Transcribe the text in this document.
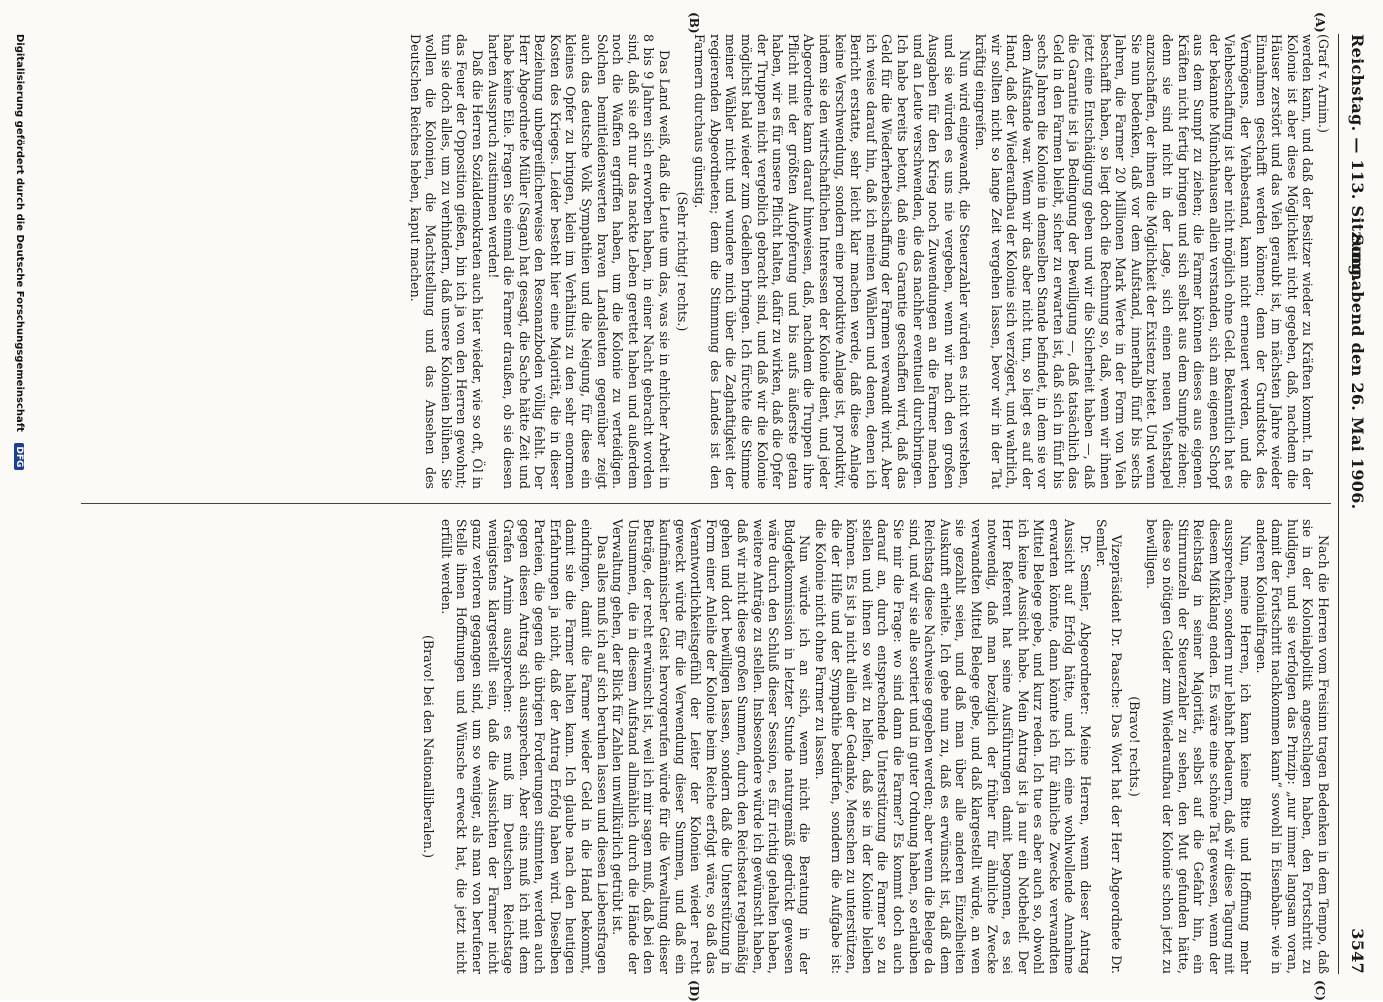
Reichstag. — 113. Sitzung.
Sonnabend den 26. Mai 1906.
3547
(A)
(B)
(C)
(D)

(Graf v. Arnim.)

werden kann, und daß der Besitzer wieder zu Kräften kommt. In der Kolonie ist aber diese Möglichkeit nicht gegeben, daß, nachdem die Häuser zerstört und das Vieh geraubt ist, im nächsten Jahre wieder Einnahmen geschafft werden können; denn der Grundstock des Vermögens, der Viehbestand, kann nicht erneuert werden, und die Viehbeschaffung ist aber nicht möglich ohne Geld. Bekanntlich hat es der bekannte Münchhausen allein verstanden, sich am eigenen Schopf aus dem Sumpf zu ziehen; die Farmer können dieses aus eigenen Kräften nicht fertig bringen und sich selbst aus dem Sumpfe ziehen; denn sie sind nicht in der Lage, sich einen neuen Viehstapel anzuschaffen, der ihnen die Möglichkeit der Existenz bietet. Und wenn Sie nun bedenken, daß vor dem Aufstand, innerhalb fünf bis sechs Jahren, die Farmer 20 Millionen Mark Werte in der Form von Vieh beschafft haben, so liegt doch die Rechnung so, daß, wenn wir ihnen jetzt eine Entschädigung geben und wir die Sicherheit haben —, daß die Garantie ist ja Bedingung der Bewilligung —, daß tatsächlich das Geld in den Farmen bleibt, sicher zu erwarten ist, daß sich in fünf bis sechs Jahren die Kolonie in demselben Stande befindet, in dem sie vor dem Aufstande war. Wenn wir das aber nicht tun, so liegt es auf der Hand, daß der Wiederaufbau der Kolonie sich verzögert, und wahrlich, wir sollten nicht so lange Zeit vergehen lassen, bevor wir in der Tat kräftig eingreifen.

Nun wird eingewandt, die Steuerzahler würden es nicht verstehen, und sie würden es uns nie vergeben, wenn wir nach den großen Ausgaben für den Krieg noch Zuwendungen an die Farmer machen und an Leute verschwenden, die das nachher eventuell durchbringen. Ich habe bereits betont, daß eine Garantie geschaffen wird, daß das Geld für die Wiederherbeischaffung der Farmen verwandt wird. Aber ich weise darauf hin, daß ich meinen Wählern und denen, denen ich Bericht erstatte, sehr leicht klar machen werde, daß diese Anlage keine Verschwendung, sondern eine produktive Anlage ist, produktiv, indem sie den wirtschaftlichen Interessen der Kolonie dient, und jeder Abgeordnete kann darauf hinweisen, daß, nachdem die Truppen ihre Pflicht mit der größten Aufopferung und bis aufs äußerste getan haben, wir es für unsere Pflicht halten, dafür zu wirken, daß die Opfer der Truppen nicht vergeblich gebracht sind, und daß wir die Kolonie möglichst bald wieder zum Gedeihen bringen. Ich fürchte die Stimme meiner Wähler nicht und wundere mich über die Zaghaftigkeit der regierenden Abgeordneten; denn die Stimmung des Landes ist den Farmern durchaus günstig.

(Sehr richtig! rechts.)

Das Land weiß, daß die Leute um das, was sie in ehrlicher Arbeit in 8 bis 9 Jahren sich erworben haben, in einer Nacht gebracht worden sind, daß sie oft nur das nackte Leben gerettet haben und außerdem noch die Waffen ergriffen haben, um die Kolonie zu verteidigen. Solchen bemitleidenswerten braven Landsleuten gegenüber zeigt auch das deutsche Volk Sympathien und die Neigung, für diese ein kleines Opfer zu bringen, klein im Verhältnis zu den sehr enormen Kosten des Krieges. Leider besteht hier eine Majorität, die in dieser Beziehung unbegreiflicherweise den Resonanzboden völlig fehlt. Der Herr Abgeordnete Müller (Sagan) hat gesagt, die Sache hätte Zeit und habe keine Eile. Fragen Sie einmal die Farmer draußen, ob sie diesen harten Ausspruch zustimmen werden!

Daß die Herren Sozialdemokraten auch hier wieder, wie so oft, Öl in das Feuer der Opposition gießen, bin ich ja von den Herren gewohnt; tun sie doch alles, um zu verhindern, daß unsere Kolonien blühen. Sie wollen die Kolonien, die Machtstellung und das Ansehen des Deutschen Reiches heben, kaput machen.

Nach die Herren vom Freisinn tragen Bedenken in dem Tempo, daß sie in der Kolonialpolitik angeschlagen haben, den Fortschritt zu huldigen, und sie verfolgen das Prinzip: „nur immer langsam voran, damit der Fortschritt nachkommen kann“ sowohl in Eisenbahn- wie in anderen Kolonialfragen.

Nun, meine Herren, ich kann keine Bitte und Hoffnung mehr aussprechen, sondern nur lebhaft bedauern, daß wir diese Tagung mit diesem Mißklang enden. Es wäre eine schöne Tat gewesen, wenn der Reichstag in seiner Majorität, selbst auf die Gefahr hin, ein Stirnrunzeln der Steuerzahler zu sehen, den Mut gefunden hätte, diese so nötigen Gelder zum Wiederaufbau der Kolonie schon jetzt zu bewilligen.

(Bravo! rechts.)

Vizepräsident Dr. Paasche: Das Wort hat der Herr Abgeordnete Dr. Semler.

Dr. Semler, Abgeordneter: Meine Herren, wenn dieser Antrag Aussicht auf Erfolg hätte, und ich eine wohlwollende Annahme erwarten könnte, dann könnte ich für ähnliche Zwecke verwandten Mittel Belege gebe, und kurz reden. Ich tue es aber auch so, obwohl ich keine Aussicht habe. Mein Antrag ist ja nur ein Notbehelf. Der Herr Referent hat seine Ausführungen damit begonnen, es sei notwendig, daß man bezüglich der früher für ähnliche Zwecke verwandten Mittel Belege gebe, und daß klargestellt würde, an wen sie gezahlt seien, und daß man über alle anderen Einzelheiten Auskunft erhielte. Ich gebe nun zu, daß es erwünscht ist, daß dem Reichstag diese Nachweise gegeben werden; aber wenn die Belege da sind, und wir sie alle sortiert und in guter Ordnung haben, so erlauben Sie mir die Frage: wo sind dann die Farmer? Es kommt doch auch darauf an, durch entsprechende Unterstützung die Farmer so zu stellen und ihnen so weit zu helfen, daß sie in der Kolonie bleiben können. Es ist ja nicht allein der Gedanke, Menschen zu unterstützen, die der Hilfe und der Sympathie bedürfen, sondern die Aufgabe ist: die Kolonie nicht ohne Farmer zu lassen.

Nun würde ich an sich, wenn nicht die Beratung in der Budgetkommission in letzter Stunde naturgemäß gedrückt gewesen wäre durch den Schluß dieser Session, es für richtig gehalten haben, weitere Anträge zu stellen. Insbesondere würde ich gewünscht haben, daß wir nicht diese großen Summen, durch den Reichsetat regelmäßig gehen und dort bewilligen lassen, sondern daß die Unterstützung in Form einer Anleihe der Kolonie beim Reiche erfolgt wäre, so daß das Verantwortlichkeitsgefühl der Leiter der Kolonien wieder recht geweckt würde für die Verwendung dieser Summen, und daß ein kaufmännischer Geist hervorgerufen würde für die Verwaltung dieser Beträge, der recht erwünscht ist, weil ich mir sagen muß, daß bei den Unsummen, die in diesem Aufstand allmählich durch die Hände der Verwaltung gehen, der Blick für Zahlen unwillkürlich getrübt ist.

Das alles muß ich auf sich beruhen lassen und diesen Liebensfragen eindringen, damit die Farmer wieder Geld in die Hand bekommt, damit sie die Farmer halten kann. Ich glaube nach den heutigen Erfahrungen ja nicht, daß der Antrag Erfolg haben wird. Dieselben Parteien, die gegen die übrigen Forderungen stimmten, werden auch gegen diesen Antrag sich aussprechen. Aber eins muß ich mit dem Grafen Arnim aussprechen: es muß im Deutschen Reichstage wenigstens klargestellt sein, daß die Aussichten der Farmer nicht ganz verloren gegangen sind, um so weniger, als man von berufener Stelle ihnen Hoffnungen und Wünsche erweckt hat, die jetzt nicht erfüllt werden.

(Bravo! bei den Nationalliberalen.)
Digitalisierung gefördert durch die Deutsche Forschungsgemeinschaft DFG
